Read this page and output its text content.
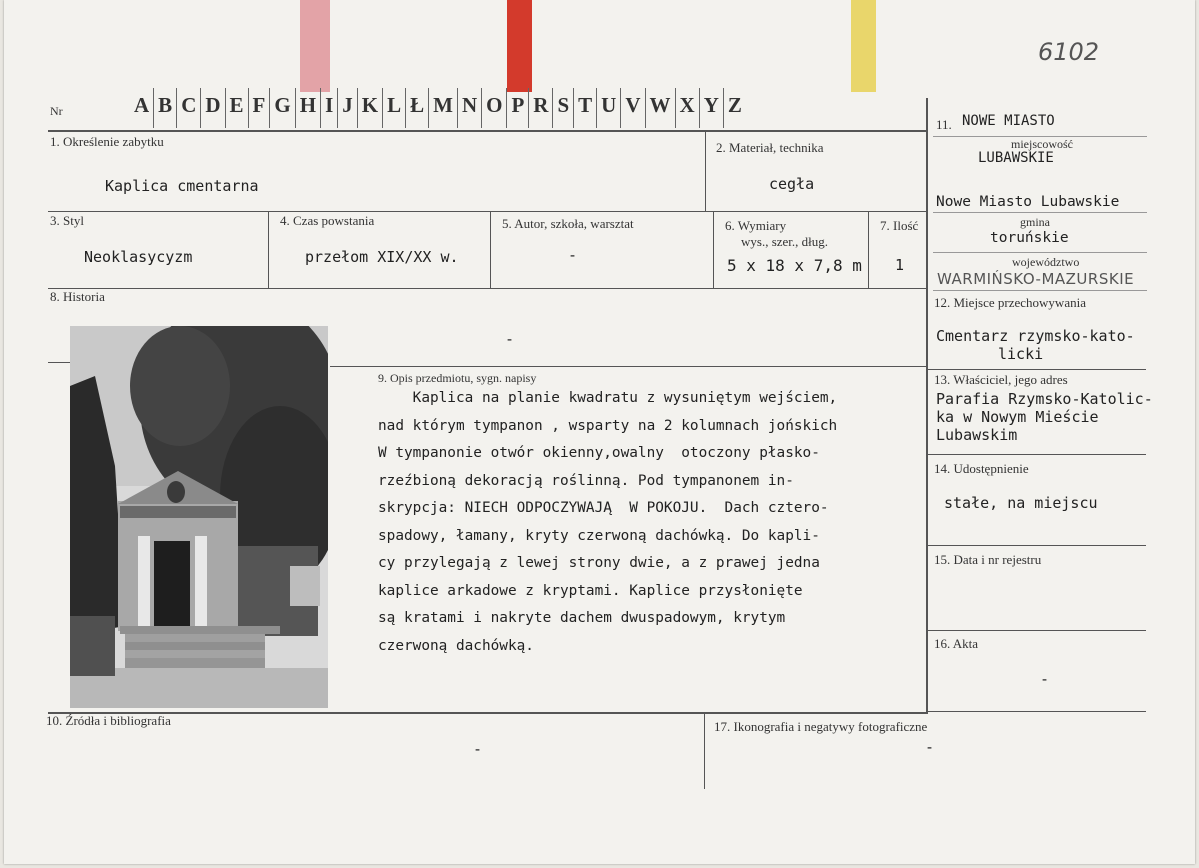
6102
Nr	A B C D E F G H I J K L Ł M N O P R S T U V W X Y Z
1. Określenie zabytku
Kaplica cmentarna
2. Materiał, technika
cegła
3. Styl
Neoklasycyzm
4. Czas powstania
przełom XIX/XX w.
5. Autor, szkoła, warsztat
-
6. Wymiary
wys., szer., dług.
5 x 18 x 7,8 m
7. Ilość
1
8. Historia
-
9. Opis przedmiotu, sygn. napisy
Kaplica na planie kwadratu z wysuniętym wejściem,
nad którym tympanon , wsparty na 2 kolumnach jońskich
W tympanonie otwór okienny,owalny  otoczony płasko-
rzeźbioną dekoracją roślinną. Pod tympanonem in-
skrypcja: NIECH ODPOCZYWAJĄ  W POKOJU.  Dach cztero-
spadowy, łamany, kryty czerwoną dachówką. Do kapli-
cy przylegają z lewej strony dwie, a z prawej jedna
kaplice arkadowe z kryptami. Kaplice przysłonięte
są kratami i nakryte dachem dwuspadowym, krytym
czerwoną dachówką.
10. Źródła i bibliografia
-
17. Ikonografia i negatywy fotograficzne
-
11. NOWE MIASTO
miejscowość
LUBAWSKIE
Nowe Miasto Lubawskie
gmina
toruńskie
województwo
WARMIŃSKO-MAZURSKIE
12. Miejsce przechowywania
Cmentarz rzymsko-kato-
licki
13. Właściciel, jego adres
Parafia Rzymsko-Katolic-
ka w Nowym Mieście
Lubawskim
14. Udostępnienie
stałe, na miejscu
15. Data i nr rejestru
16. Akta
-
